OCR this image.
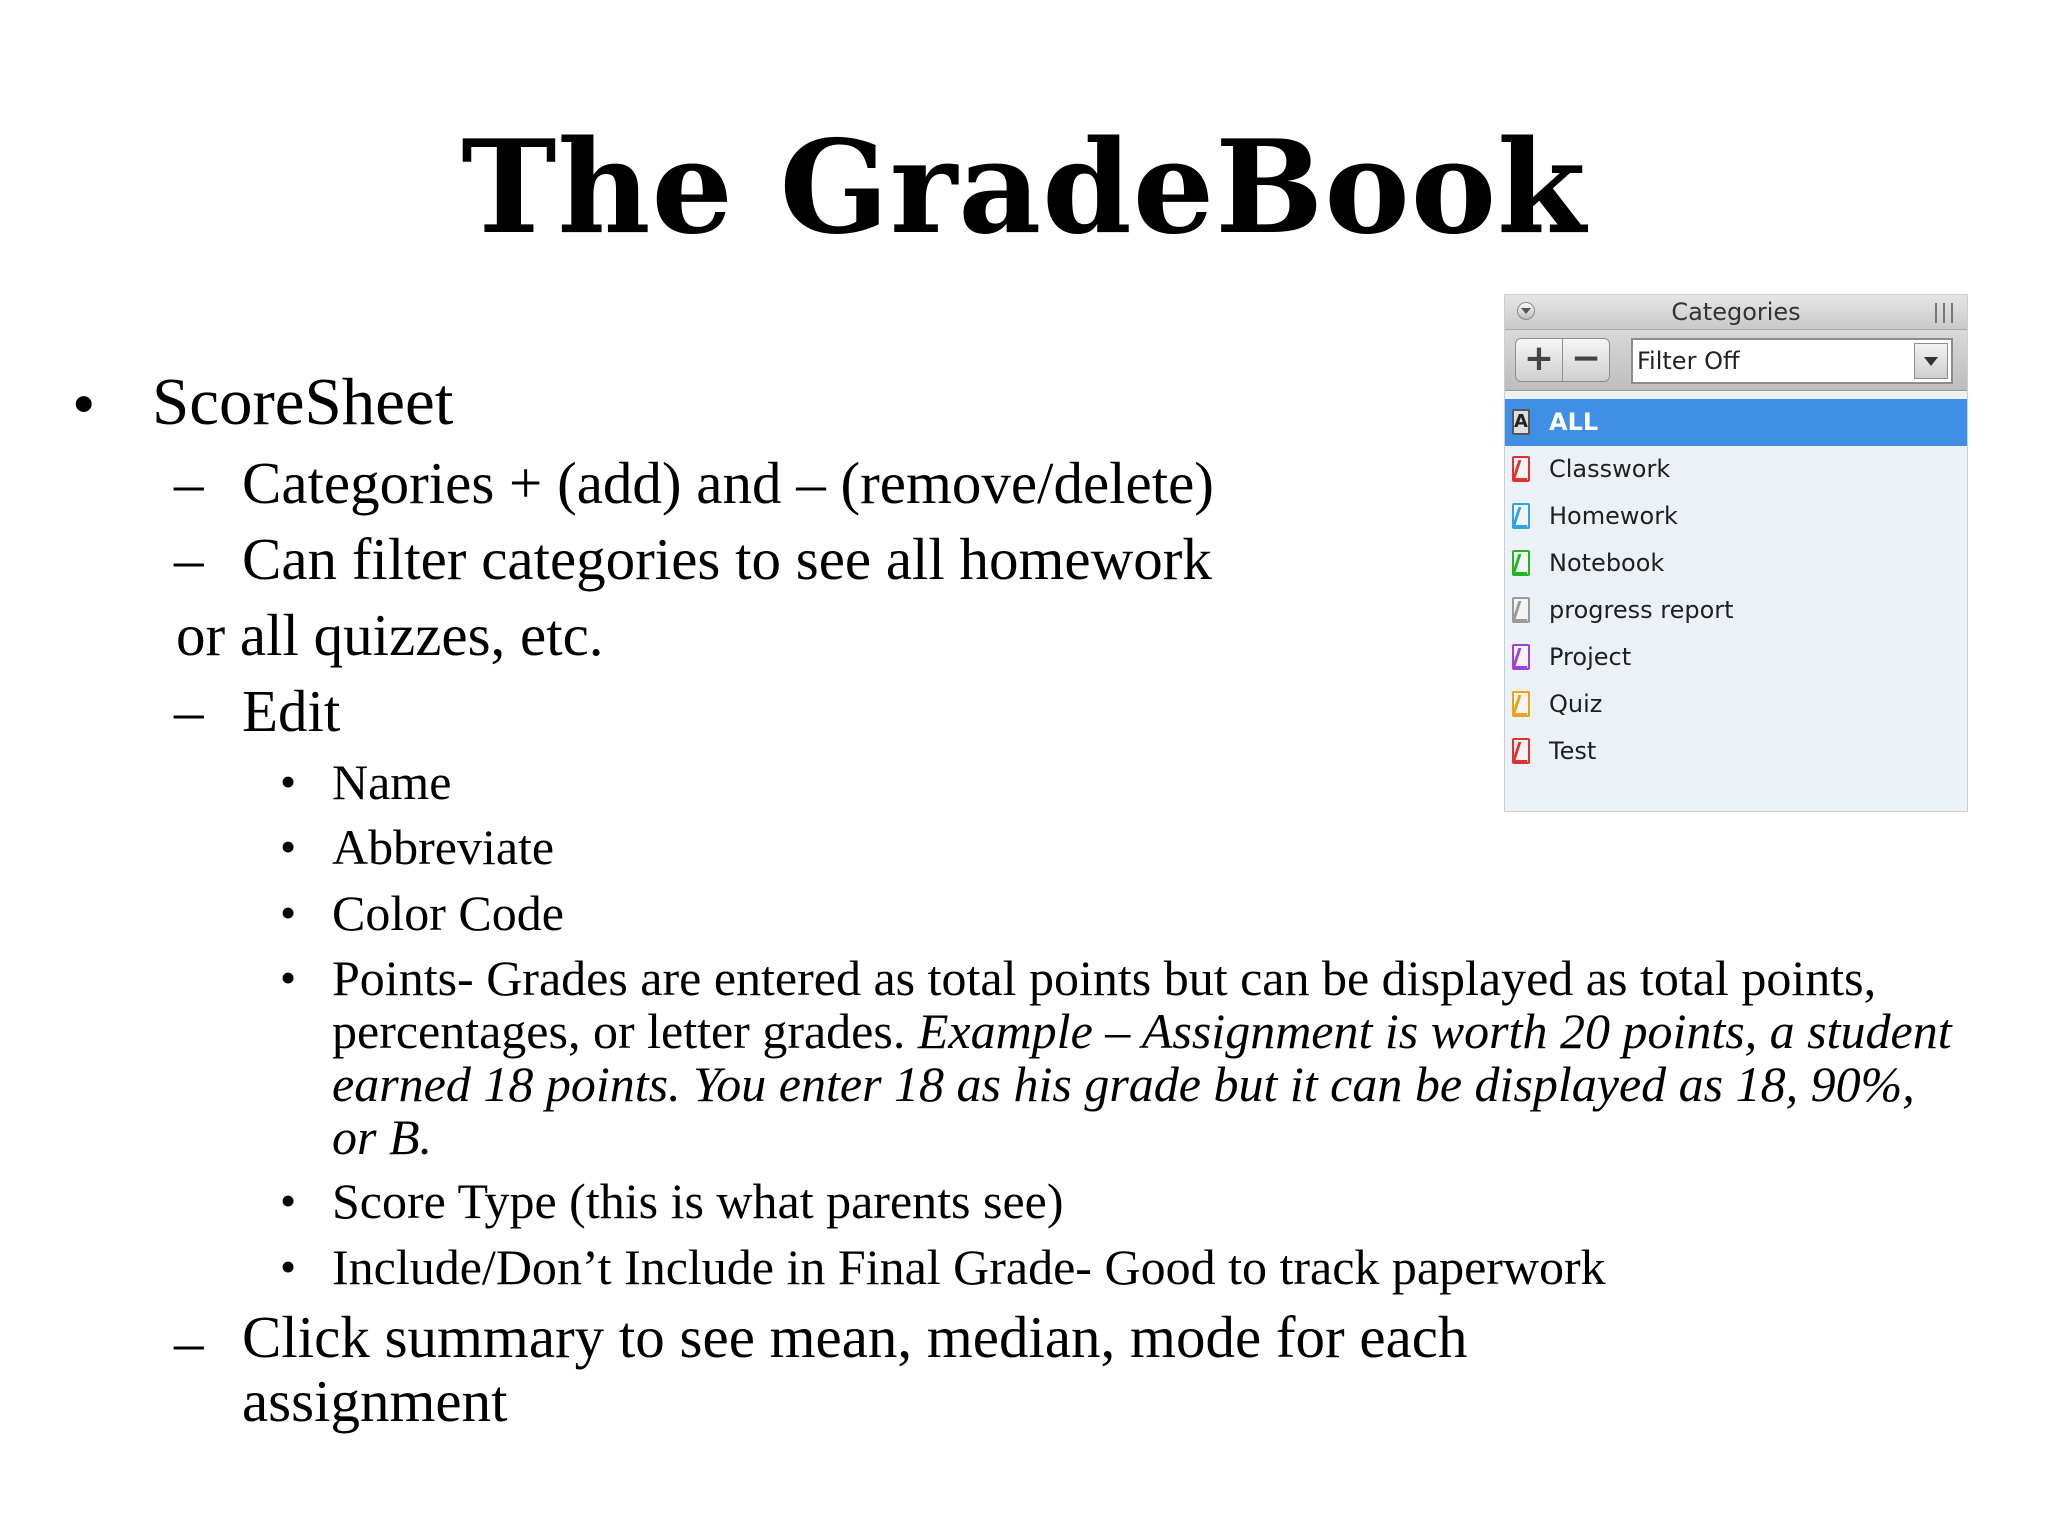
The GradeBook
• ScoreSheet
– Categories + (add) and – (remove/delete)
– Can filter categories to see all homework
or all quizzes, etc.
– Edit
• Name
• Abbreviate
• Color Code
• Points- Grades are entered as total points but can be displayed as total points, percentages, or letter grades. Example – Assignment is worth 20 points, a student earned 18 points. You enter 18 as his grade but it can be displayed as 18, 90%, or B.
• Score Type (this is what parents see)
• Include/Don’t Include in Final Grade- Good to track paperwork
– Click summary to see mean, median, mode for each
assignment
Categories
+ −	Filter Off
A ALL
Classwork
Homework
Notebook
progress report
Project
Quiz
Test
